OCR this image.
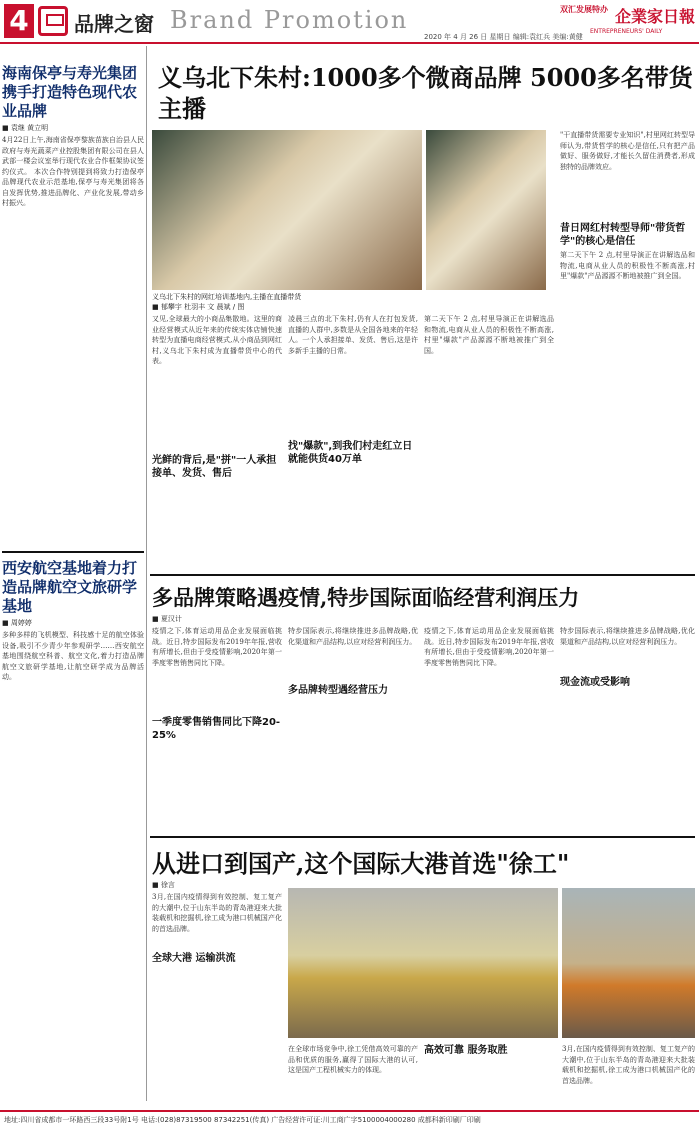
4 品牌之窗 Brand Promotion	双汇发展特办 企業家日報
ENTREPRENEURS' DAILY
2020 年 4 月 26 日 星期日 编辑:袁红兵 美编:黄健
海南保亭与寿光集团携手打造特色现代农业品牌
■ 袁继 黄立明
4月22日上午,海南省保亭黎族苗族自治县人民政府与寿光蔬菜产业控股集团有限公司在县人武部一楼会议室举行现代农业合作框架协议签约仪式。 本次合作特别提到将致力打造保亭品牌现代农业示范基地,保亭与寿光集团将各自发挥优势,推进品牌化、产业化发展,带动乡村振兴。
西安航空基地着力打造品牌航空文旅研学基地
■ 周婷婷
多种多样的飞机模型、科技感十足的航空体验设备,吸引不少青少年参观研学……西安航空基地围绕航空科普、航空文化,着力打造品牌航空文旅研学基地,让航空研学成为品牌活动。
义乌北下朱村:1000多个微商品牌 5000多名带货主播
义乌北下朱村的网红培训基地内,主播在直播带货
■ 郁攀宇 杜羽丰 文 晨斌 / 图
又见,全球最大的小商品集散地。这里的商业经营模式从近年来的传统实体店铺快速转型为直播电商经营模式,从小商品到网红村,义乌北下朱村成为直播带货中心的代表。
光鲜的背后,是"拼"一人承担接单、发货、售后
凌晨三点的北下朱村,仍有人在打包发货,直播的人群中,多数是从全国各地来的年轻人。一个人承担接单、发货、售后,这是许多新手主播的日常。
找"爆款",到我们村走红立日就能供货40万单
第二天下午 2 点,村里导演正在讲解选品和物流,电商从业人员的积极性不断高涨,村里"爆款"产品源源不断地被推广到全国。
昔日网红村转型导师"带货哲学"的核心是信任
"干直播带货需要专业知识",村里网红转型导师认为,带货哲学的核心是信任,只有把产品做好、服务做好,才能长久留住消费者,形成独特的品牌效应。
第二天下午 2 点,村里导演正在讲解选品和物流,电商从业人员的积极性不断高涨,村里"爆款"产品源源不断地被推广到全国。
多品牌策略遇疫情,特步国际面临经营利润压力
■ 夏汉计
疫情之下,体育运动用品企业发展面临挑战。近日,特步国际发布2019年年报,营收有所增长,但由于受疫情影响,2020年第一季度零售销售同比下降。
一季度零售销售同比下降20-25%
特步国际表示,将继续推进多品牌战略,优化渠道和产品结构,以应对经营利润压力。
多品牌转型遇经营压力
疫情之下,体育运动用品企业发展面临挑战。近日,特步国际发布2019年年报,营收有所增长,但由于受疫情影响,2020年第一季度零售销售同比下降。
特步国际表示,将继续推进多品牌战略,优化渠道和产品结构,以应对经营利润压力。
现金流或受影响
从进口到国产,这个国际大港首选"徐工"
■ 徐言
3月,在国内疫情得到有效控制、复工复产的大潮中,位于山东半岛的青岛港迎来大批装载机和挖掘机,徐工成为港口机械国产化的首选品牌。
全球大港 运输洪流
在全球市场竞争中,徐工凭借高效可靠的产品和优质的服务,赢得了国际大港的认可,这是国产工程机械实力的体现。
高效可靠 服务取胜	3月,在国内疫情得到有效控制、复工复产的大潮中,位于山东半岛的青岛港迎来大批装载机和挖掘机,徐工成为港口机械国产化的首选品牌。
地址:四川省成都市一环路西三段33号附1号 电话:(028)87319500 87342251(传真) 广告经营许可证:川工商广字5100004000280 成都科新印刷厂印刷
